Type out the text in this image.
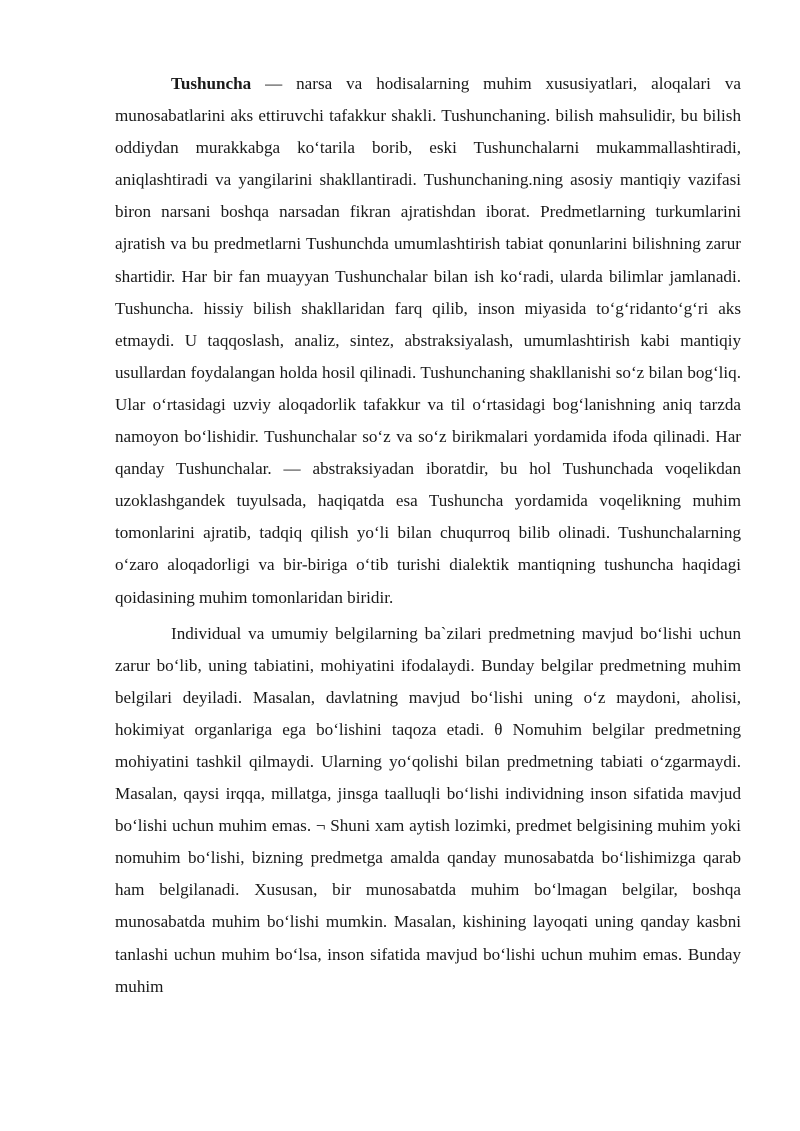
Tushuncha — narsa va hodisalarning muhim xususiyatlari, aloqalari va munosabatlarini aks ettiruvchi tafakkur shakli. Tushunchaning. bilish mahsulidir, bu bilish oddiydan murakkabga koʻtarila borib, eski Tushunchalarni mukammallashtiradi, aniqlashtiradi va yangilarini shakllantiradi. Tushunchaning.ning asosiy mantiqiy vazifasi biron narsani boshqa narsadan fikran ajratishdan iborat. Predmetlarning turkumlarini ajratish va bu predmetlarni Tushunchda umumlashtirish tabiat qonunlarini bilishning zarur shartidir. Har bir fan muayyan Tushunchalar bilan ish koʻradi, ularda bilimlar jamlanadi. Tushuncha. hissiy bilish shakllaridan farq qilib, inson miyasida toʻgʻridantoʻgʻri aks etmaydi. U taqqoslash, analiz, sintez, abstraksiyalash, umumlashtirish kabi mantiqiy usullardan foydalangan holda hosil qilinadi. Tushunchaning shakllanishi soʻz bilan bogʻliq. Ular oʻrtasidagi uzviy aloqadorlik tafakkur va til oʻrtasidagi bogʻlanishning aniq tarzda namoyon boʻlishidir. Tushunchalar soʻz va soʻz birikmalari yordamida ifoda qilinadi. Har qanday Tushunchalar. — abstraksiyadan iboratdir, bu hol Tushunchada voqelikdan uzoklashgandek tuyulsada, haqiqatda esa Tushuncha yordamida voqelikning muhim tomonlarini ajratib, tadqiq qilish yoʻli bilan chuqurroq bilib olinadi. Tushunchalarning oʻzaro aloqadorligi va bir-biriga oʻtib turishi dialektik mantiqning tushuncha haqidagi qoidasining muhim tomonlaridan biridir.

Individual va umumiy belgilarning ba`zilari predmetning mavjud boʻlishi uchun zarur boʻlib, uning tabiatini, mohiyatini ifodalaydi. Bunday belgilar predmetning muhim belgilari deyiladi. Masalan, davlatning mavjud boʻlishi uning oʻz maydoni, aholisi, hokimiyat organlariga ega boʻlishini taqoza etadi. θ Nomuhim belgilar predmetning mohiyatini tashkil qilmaydi. Ularning yoʻqolishi bilan predmetning tabiati oʻzgarmaydi. Masalan, qaysi irqqa, millatga, jinsga taalluqli boʻlishi individning inson sifatida mavjud boʻlishi uchun muhim emas. ¬ Shuni xam aytish lozimki, predmet belgisining muhim yoki nomuhim boʻlishi, bizning predmetga amalda qanday munosabatda boʻlishimizga qarab ham belgilanadi. Xususan, bir munosabatda muhim boʻlmagan belgilar, boshqa munosabatda muhim boʻlishi mumkin. Masalan, kishining layoqati uning qanday kasbni tanlashi uchun muhim boʻlsa, inson sifatida mavjud boʻlishi uchun muhim emas. Bunday muhim
